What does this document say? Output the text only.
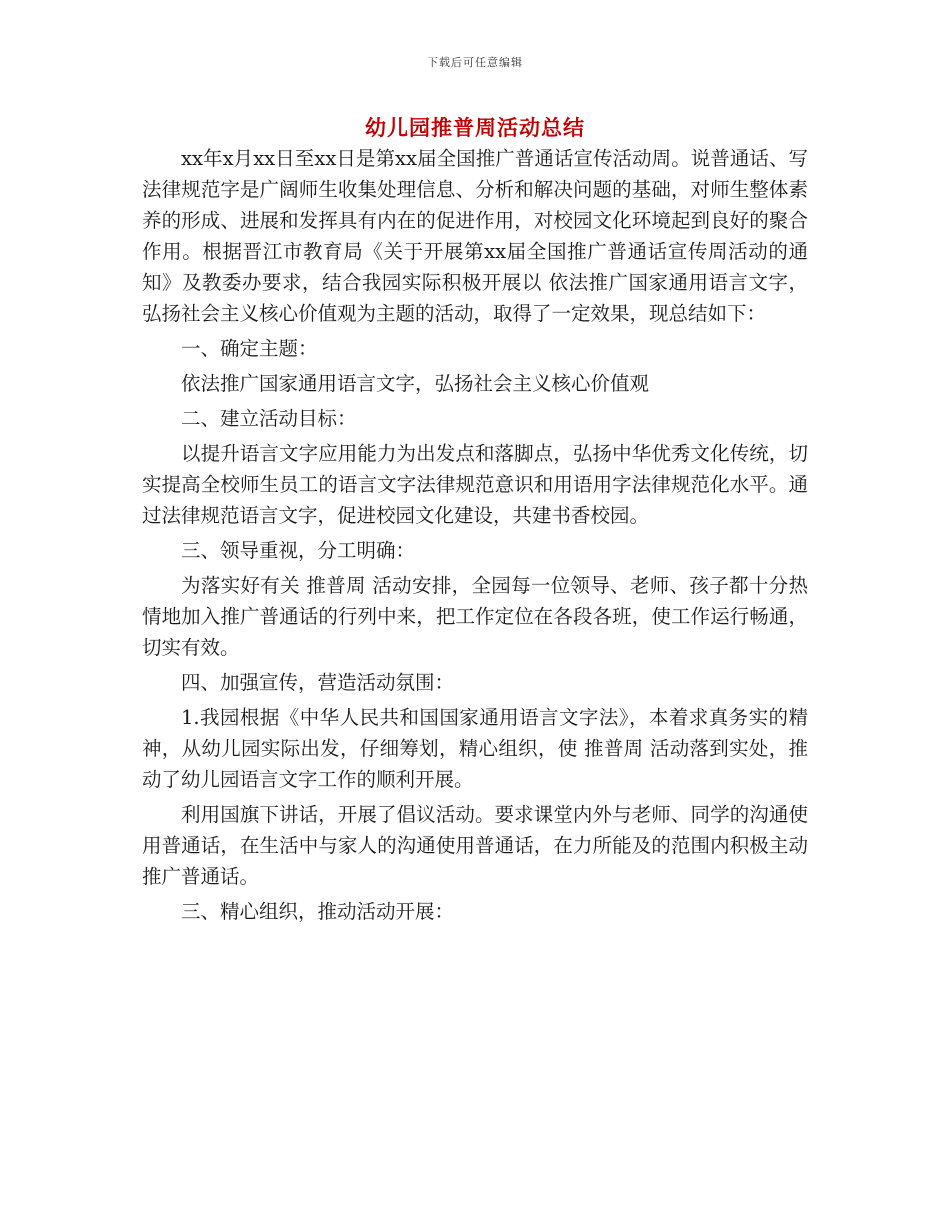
下载后可任意编辑
幼儿园推普周活动总结

xx年x月xx日至xx日是第xx届全国推广普通话宣传活动周。说普通话、写法律规范字是广阔师生收集处理信息、分析和解决问题的基础，对师生整体素养的形成、进展和发挥具有内在的促进作用，对校园文化环境起到良好的聚合作用。根据晋江市教育局《关于开展第xx届全国推广普通话宣传周活动的通知》及教委办要求，结合我园实际积极开展以 依法推广国家通用语言文字，弘扬社会主义核心价值观为主题的活动，取得了一定效果，现总结如下：

一、确定主题：

依法推广国家通用语言文字，弘扬社会主义核心价值观

二、建立活动目标：

以提升语言文字应用能力为出发点和落脚点，弘扬中华优秀文化传统，切实提高全校师生员工的语言文字法律规范意识和用语用字法律规范化水平。通过法律规范语言文字，促进校园文化建设，共建书香校园。

三、领导重视，分工明确：

为落实好有关 推普周 活动安排，全园每一位领导、老师、孩子都十分热情地加入推广普通话的行列中来，把工作定位在各段各班，使工作运行畅通，切实有效。

四、加强宣传，营造活动氛围：

1.我园根据《中华人民共和国国家通用语言文字法》，本着求真务实的精神，从幼儿园实际出发，仔细筹划，精心组织，使 推普周 活动落到实处，推动了幼儿园语言文字工作的顺利开展。

利用国旗下讲话，开展了倡议活动。要求课堂内外与老师、同学的沟通使用普通话，在生活中与家人的沟通使用普通话，在力所能及的范围内积极主动推广普通话。

三、精心组织，推动活动开展：
